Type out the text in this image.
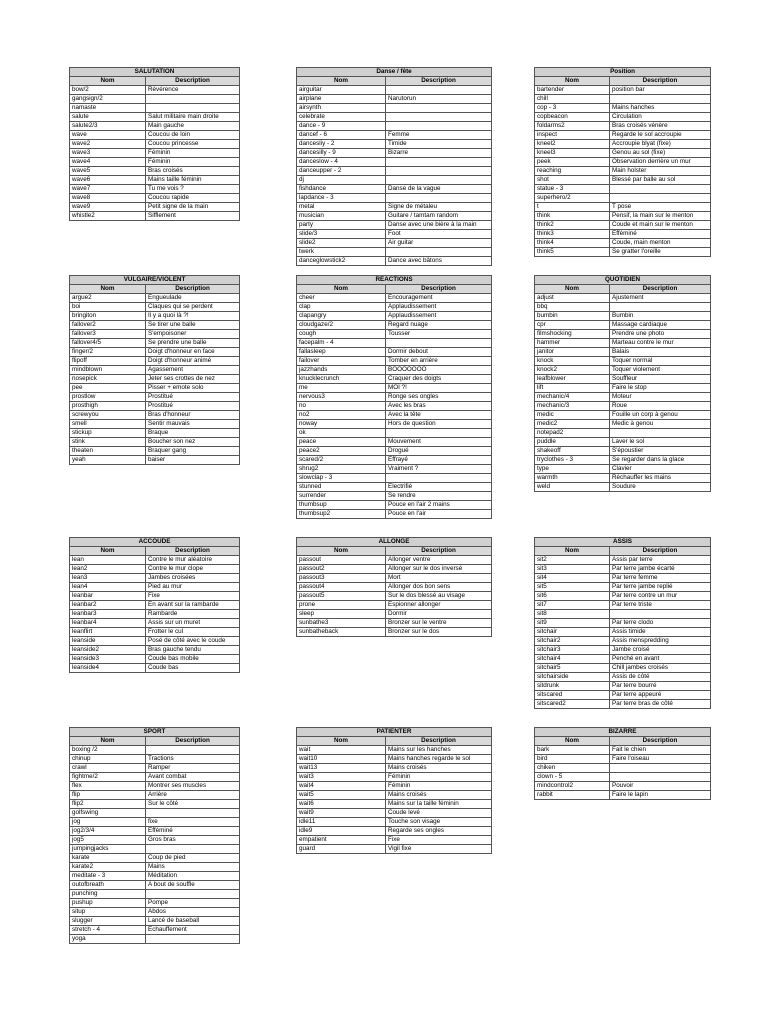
SALUTATION	
Nom	Description
bow/2	Révérence
gangsign/2	
namaste	
salute	Salut militaire main droite
salute2/3	Main gauche
wave	Coucou de loin
wave2	Coucou princesse
wave3	Féminin
wave4	Féminin
wave5	Bras croisés
wave6	Mains taille féminin
wave7	Tu me vois ?
wave8	Coucou rapide
wave9	Petit signe de la main
whistle2	Sifflement
Danse / fête	
Nom	Description
airguitar	
airplane	Narutorun
airsynth	
celebrate	
dance - 9	
dancef - 6	Femme
dancesliy - 2	Timide
dancesilly - 9	Bizarre
danceslow - 4	
danceupper - 2	
dj	
fishdance	Danse de la vague
lapdance - 3	
metal	Signe de métaleu
musician	Guitare / tamtam random
party	Danse avec une bière à la main
slide/3	Foot
slide2	Air guitar
twerk	
danceglowstick2	Dance avec bâtons
Position	
Nom	Description
bartender	position bar
chill	
cop - 3	Mains hanches
copbeacon	Circulation
foldarms2	Bras croisés vénère
inspect	Regarde le sol accroupie
kneel2	Accroupie blyat (fixe)
kneel3	Genou au sol (fixe)
peek	Observation derrière un mur
reaching	Main holster
shot	Blessé par balle au sol
statue - 3	
superhero/2	
t	T pose
think	Pensif, la main sur le menton
think2	Coude et main sur le menton
think3	Efféminé
think4	Coude, main menton
think5	Se gratter l'oreille
VULGAIRE/VIOLENT	
Nom	Description
argue2	Engueulade
boi	Claques qui se perdent
bringiton	Il y a quoi là ?!
fallover2	Se tirer une balle
fallover3	S'empoisoner
fallover4/5	Se prendre une balle
finger/2	Doigt d'honneur en face
flipoff	Doigt d'honneur animé
mindblown	Agassement
nosepick	Jeter ses crottes de nez
pee	Pisser + emote solo
prostlow	Prostitué
prosthigh	Prostitué
screwyou	Bras d'honneur
smell	Sentir mauvais
stickup	Braque
stink	Boucher son nez
theaten	Braquer gang
yeah	baiser
REACTIONS	
Nom	Description
cheer	Encouragement
clap	Applaudissement
clapangry	Applaudissement
cloudgaze/2	Regard nuage
cough	Tousser
facepalm - 4	
fallasleep	Dormir debout
failover	Tomber en arrière
jazzhands	BOOOOOOO
knucklecrunch	Craquer des doigts
me	MOI ?!
nervous3	Ronge ses ongles
no	Avec les bras
no2	Avec la tête
noway	Hors de question
ok	
peace	Mouvement
peace2	Drogué
scared/2	Effrayé
shrug2	Vraiment ?
slowclap - 3	
stunned	Electrifié
surrender	Se rendre
thumbsup	Pouce en l'air 2 mains
thumbsup2	Pouce en l'air
QUOTIDIEN	
Nom	Description
adjust	Ajustement
bbq	
bumbin	Bumbin
cpr	Massage cardiaque
filmshocking	Prendre une photo
hammer	Marteau contre le mur
janitor	Balais
knock	Toquer normal
knock2	Toquer violement
leafblower	Souffleur
lift	Faire le stop
mechanic/4	Moteur
mechanic/3	Roue
medic	Fouille un corp à genou
medic2	Medic à genou
notepad2	
puddle	Laver le sol
shakeoff	S'époustier
tryclothes - 3	Se regarder dans la glace
type	Clavier
warmth	Réchauffer les mains
weld	Soudure
ACCOUDE	
Nom	Description
lean	Contre le mur aléatoire
lean2	Contre le mur clope
lean3	Jambes croisées
lean4	Pied au mur
leanbar	Fixe
leanbar2	En avant sur la rambarde
leanbar3	Rambarde
leanbar4	Assis sur un muret
leanflirt	Frotter le cul
leanside	Posé de côté avec le coude
leanside2	Bras gauche tendu
leanside3	Coude bas mobile
leanside4	Coude bas
ALLONGE	
Nom	Description
passout	Allonger ventre
passout2	Allonger sur le dos inversé
passout3	Mort
passout4	Allonger dos bon sens
passout5	Sur le dos blessé au visage
prone	Espionner allonger
sleep	Dormir
sunbathe3	Bronzer sur le ventre
sunbatheback	Bronzer sur le dos
ASSIS	
Nom	Description
sit2	Assis par terre
sit3	Par terre jambe écarté
sit4	Par terre femme
sit5	Par terre jambe replié
sit6	Par terre contre un mur
sit7	Par terre triste
sit8	
sit9	Par terre clodo
sitchair	Assis timide
sitchair2	Assis menspredding
sitchair3	Jambe croisé
sitchair4	Penché en avant
sitchair5	Chill jambes croisés
sitchairside	Assis de côté
sitdrunk	Par terre bourré
sitscared	Par terre appeuré
sitscared2	Par terre bras de côté
SPORT	
Nom	Description
boxing /2	
chinup	Tractions
crawl	Ramper
fightme/2	Avant combat
flex	Montrer ses muscles
flip	Arrière
flip2	Sur le côté
golfswing	
jog	fixe
jog2/3/4	Efféminé
jog5	Gros bras
jumpingjacks	
karate	Coup de pied
karate2	Mains
meditate - 3	Méditation
outofbreath	A bout de souffle
punching	
pushup	Pompe
situp	Abdos
slugger	Lancé de baseball
stretch - 4	Echauffement
yoga	
PATIENTER	
Nom	Description
wait	Mains sur les hanches
wait10	Mains hanches regarde le sol
wait13	Mains croisés
wait3	Féminin
wait4	Féminin
wait5	Mains croisés
wait6	Mains sur la taille féminin
wait9	Coude levé
idle11	Touche son visage
idle9	Regarde ses ongles
empatient	Fixe
guard	Vigil fixe
BIZARRE	
Nom	Description
bark	Fait le chien
bird	Faire l'oiseau
chiken	
clown - 5	
mindcontrol2	Pouvoir
rabbit	Faire le lapin
